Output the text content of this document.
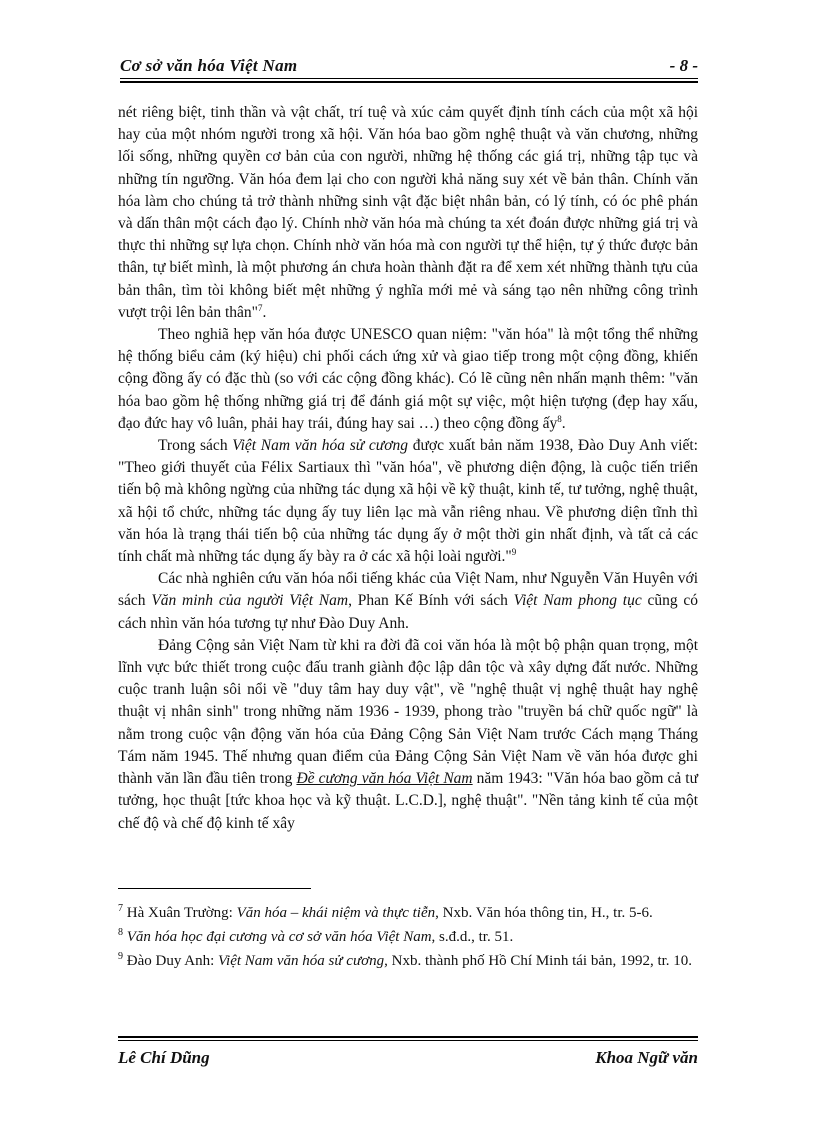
Cơ sở văn hóa Việt Nam	- 8 -

nét riêng biệt, tinh thần và vật chất, trí tuệ và xúc cảm quyết định tính cách của một xã hội hay của một nhóm người trong xã hội. Văn hóa bao gồm nghệ thuật và văn chương, những lối sống, những quyền cơ bản của con người, những hệ thống các giá trị, những tập tục và những tín ngưỡng. Văn hóa đem lại cho con người khả năng suy xét về bản thân. Chính văn hóa làm cho chúng tả trở thành những sinh vật đặc biệt nhân bản, có lý tính, có óc phê phán và dấn thân một cách đạo lý. Chính nhờ văn hóa mà chúng ta xét đoán được những giá trị và thực thi những sự lựa chọn. Chính nhờ văn hóa mà con người tự thể hiện, tự ý thức được bản thân, tự biết mình, là một phương án chưa hoàn thành đặt ra để xem xét những thành tựu của bản thân, tìm tòi không biết mệt những ý nghĩa mới mẻ và sáng tạo nên những công trình vượt trội lên bản thân"$^7$.

Theo nghiã hẹp văn hóa được UNESCO quan niệm: "văn hóa" là một tổng thể những hệ thống biểu cảm (ký hiệu) chi phối cách ứng xử và giao tiếp trong một cộng đồng, khiến cộng đồng ấy có đặc thù (so với các cộng đồng khác). Có lẽ cũng nên nhấn mạnh thêm: "văn hóa bao gồm hệ thống những giá trị để đánh giá một sự việc, một hiện tượng (đẹp hay xấu, đạo đức hay vô luân, phải hay trái, đúng hay sai …) theo cộng đồng ấy$^8$.

Trong sách Việt Nam văn hóa sử cương được xuất bản năm 1938, Đào Duy Anh viết: "Theo giới thuyết của Félix Sartiaux thì "văn hóa", về phương diện động, là cuộc tiến triển tiến bộ mà không ngừng của những tác dụng xã hội về kỹ thuật, kinh tế, tư tưởng, nghệ thuật, xã hội tổ chức, những tác dụng ấy tuy liên lạc mà vẫn riêng nhau. Về phương diện tĩnh thì văn hóa là trạng thái tiến bộ của những tác dụng ấy ở một thời gin nhất định, và tất cả các tính chất mà những tác dụng ấy bày ra ở các xã hội loài người."$^9$

Các nhà nghiên cứu văn hóa nổi tiếng khác của Việt Nam, như Nguyễn Văn Huyên với sách Văn minh của người Việt Nam, Phan Kế Bính với sách Việt Nam phong tục cũng có cách nhìn văn hóa tương tự như Đào Duy Anh.

Đảng Cộng sản Việt Nam từ khi ra đời đã coi văn hóa là một bộ phận quan trọng, một lĩnh vực bức thiết trong cuộc đấu tranh giành độc lập dân tộc và xây dựng đất nước. Những cuộc tranh luận sôi nổi về "duy tâm hay duy vật", về "nghệ thuật vị nghệ thuật hay nghệ thuật vị nhân sinh" trong những năm 1936 - 1939, phong trào "truyền bá chữ quốc ngữ" là nằm trong cuộc vận động văn hóa của Đảng Cộng Sản Việt Nam trước Cách mạng Tháng Tám năm 1945. Thế nhưng quan điểm của Đảng Cộng Sản Việt Nam về văn hóa được ghi thành văn lần đầu tiên trong Đề cương văn hóa Việt Nam năm 1943: "Văn hóa bao gồm cả tư tưởng, học thuật [tức khoa học và kỹ thuật. L.C.D.], nghệ thuật". "Nền tảng kinh tế của một chế độ và chế độ kinh tế xây

$^7$ Hà Xuân Trường: Văn hóa – khái niệm và thực tiễn, Nxb. Văn hóa thông tin, H., tr. 5-6.

$^8$ Văn hóa học đại cương và cơ sở văn hóa Việt Nam, s.đ.d., tr. 51.

$^9$ Đào Duy Anh: Việt Nam văn hóa sử cương, Nxb. thành phố Hồ Chí Minh tái bản, 1992, tr. 10.

Lê Chí Dũng	Khoa Ngữ văn
